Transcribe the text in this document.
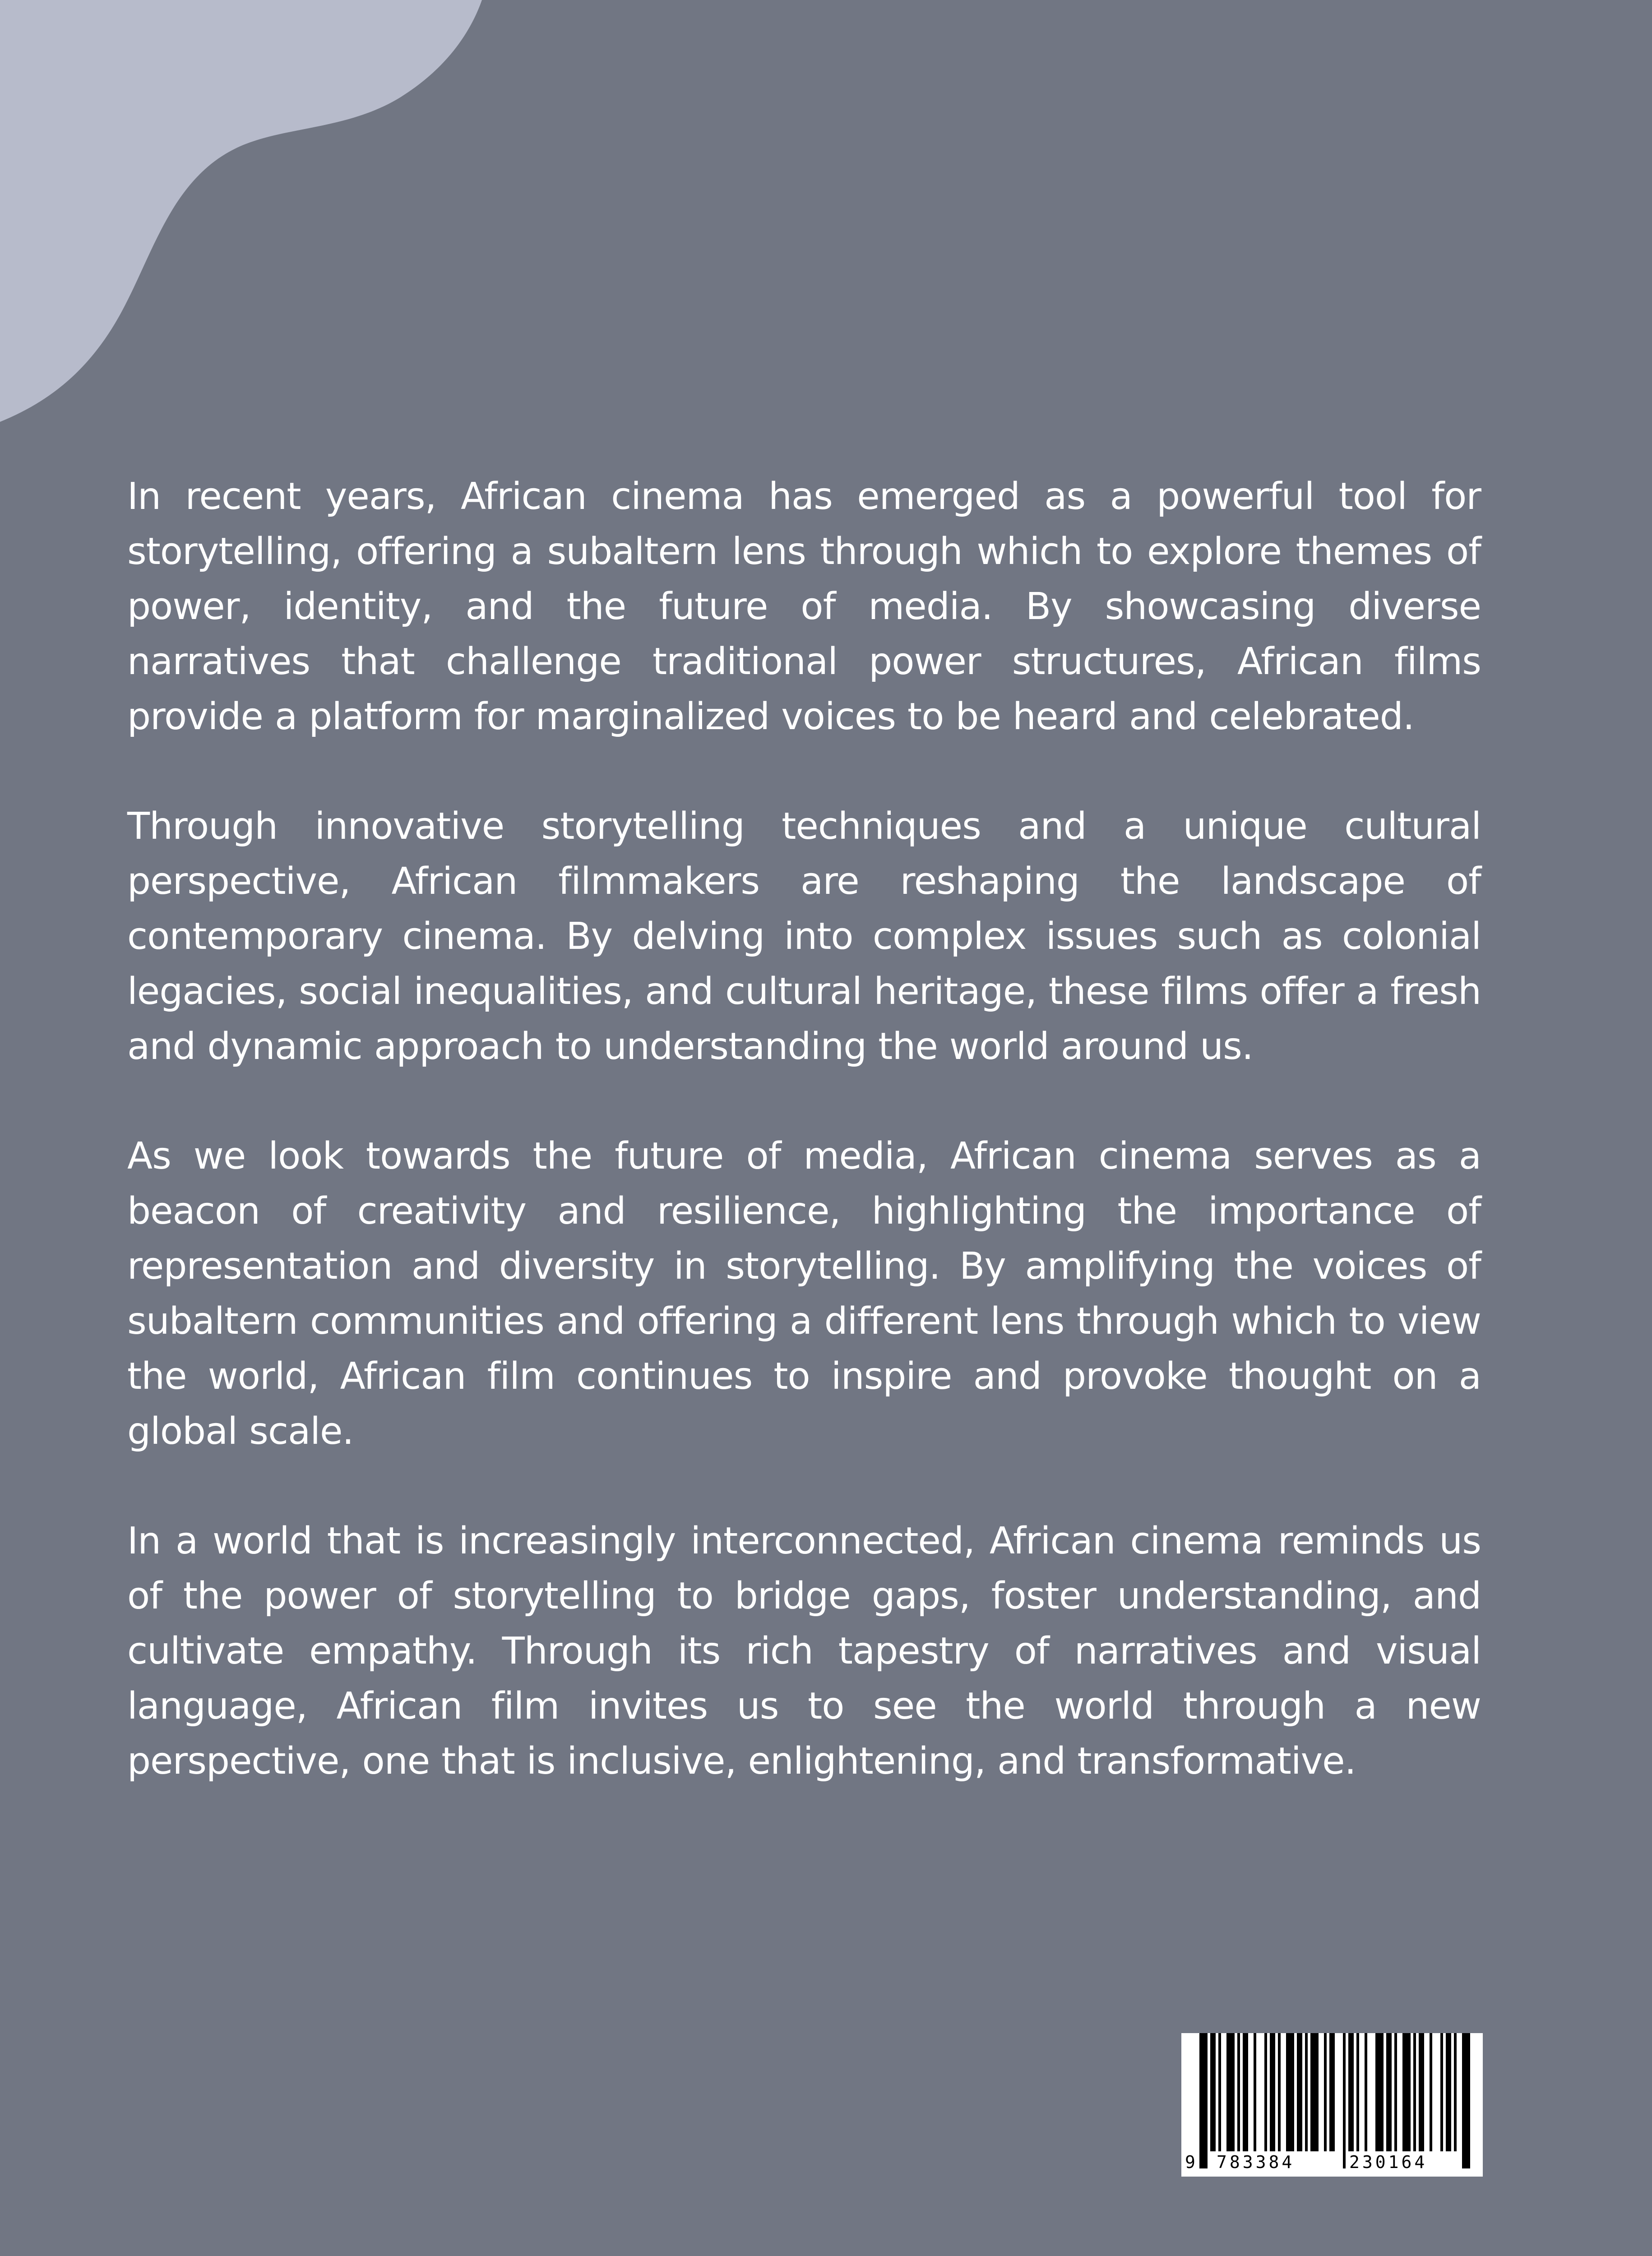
In recent years, African cinema has emerged as a powerful tool for storytelling, offering a subaltern lens through which to explore themes of power, identity, and the future of media. By showcasing diverse narratives that challenge traditional power structures, African films provide a platform for marginalized voices to be heard and celebrated.

Through innovative storytelling techniques and a unique cultural perspective, African filmmakers are reshaping the landscape of contemporary cinema. By delving into complex issues such as colonial legacies, social inequalities, and cultural heritage, these films offer a fresh and dynamic approach to understanding the world around us.

As we look towards the future of media, African cinema serves as a beacon of creativity and resilience, highlighting the importance of representation and diversity in storytelling. By amplifying the voices of subaltern communities and offering a different lens through which to view the world, African film continues to inspire and provoke thought on a global scale.

In a world that is increasingly interconnected, African cinema reminds us of the power of storytelling to bridge gaps, foster understanding, and cultivate empathy. Through its rich tapestry of narratives and visual language, African film invites us to see the world through a new perspective, one that is inclusive, enlightening, and transformative.

9 783384	230164
